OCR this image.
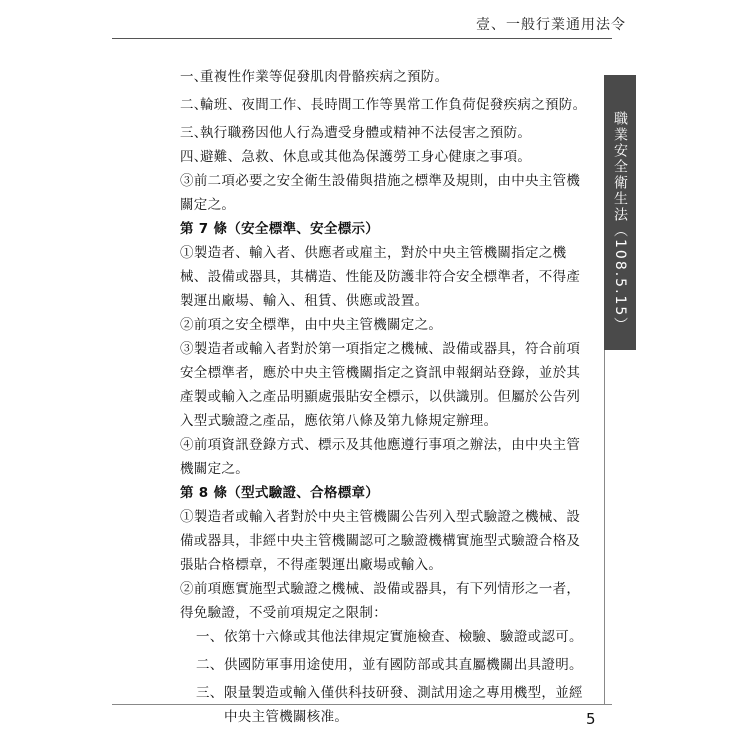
壹、一般行業通用法令
職業安全衛生法（108.5.15）
一、
重複性作業等促發肌肉骨骼疾病之預防。
二、
輪班、夜間工作、長時間工作等異常工作負荷促發疾病之預防。
三、
執行職務因他人行為遭受身體或精神不法侵害之預防。
四、
避難、急救、休息或其他為保護勞工身心健康之事項。
③前二項必要之安全衛生設備與措施之標準及規則，由中央主管機關定之。
第 7 條（安全標準、安全標示）
①製造者、輸入者、供應者或雇主，對於中央主管機關指定之機械、設備或器具，其構造、性能及防護非符合安全標準者，不得產製運出廠場、輸入、租賃、供應或設置。
②前項之安全標準，由中央主管機關定之。
③製造者或輸入者對於第一項指定之機械、設備或器具，符合前項安全標準者，應於中央主管機關指定之資訊申報網站登錄，並於其產製或輸入之產品明顯處張貼安全標示，以供識別。但屬於公告列入型式驗證之產品，應依第八條及第九條規定辦理。
④前項資訊登錄方式、標示及其他應遵行事項之辦法，由中央主管機關定之。
第 8 條（型式驗證、合格標章）
①製造者或輸入者對於中央主管機關公告列入型式驗證之機械、設備或器具，非經中央主管機關認可之驗證機構實施型式驗證合格及張貼合格標章，不得產製運出廠場或輸入。
②前項應實施型式驗證之機械、設備或器具，有下列情形之一者，得免驗證，不受前項規定之限制：
一、 依第十六條或其他法律規定實施檢查、檢驗、驗證或認可。
二、 供國防軍事用途使用，並有國防部或其直屬機關出具證明。
三、 限量製造或輸入僅供科技研發、測試用途之專用機型，並經中央主管機關核准。	5
